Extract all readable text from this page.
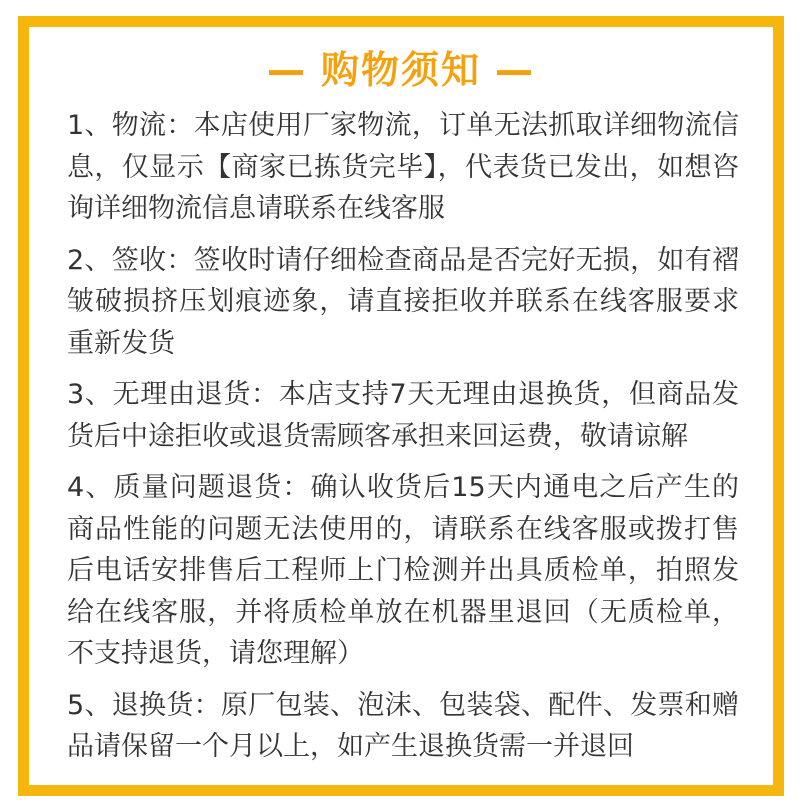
— 购物须知 —
1、物流：本店使用厂家物流，订单无法抓取详细物流信息，仅显示【商家已拣货完毕】，代表货已发出，如想咨询详细物流信息请联系在线客服
2、签收：签收时请仔细检查商品是否完好无损，如有褶皱破损挤压划痕迹象，请直接拒收并联系在线客服要求重新发货
3、无理由退货：本店支持7天无理由退换货，但商品发货后中途拒收或退货需顾客承担来回运费，敬请谅解
4、质量问题退货：确认收货后15天内通电之后产生的商品性能的问题无法使用的，请联系在线客服或拨打售后电话安排售后工程师上门检测并出具质检单，拍照发给在线客服，并将质检单放在机器里退回（无质检单，不支持退货，请您理解）
5、退换货：原厂包装、泡沫、包装袋、配件、发票和赠品请保留一个月以上，如产生退换货需一并退回
